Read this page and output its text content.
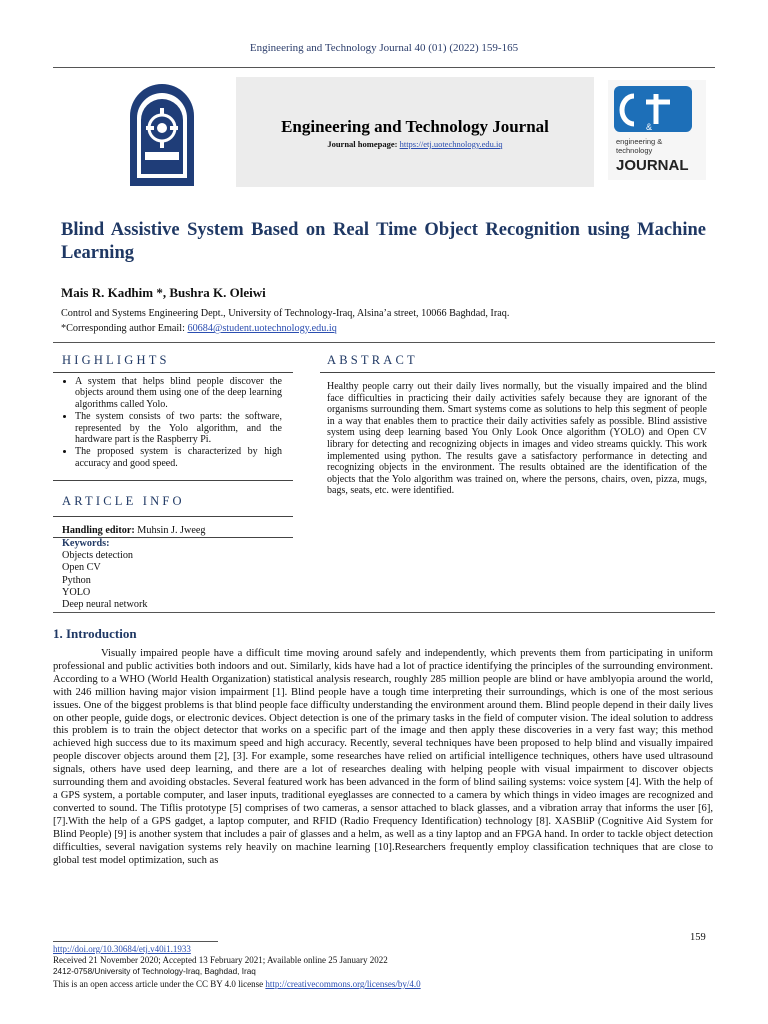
Engineering and Technology Journal 40 (01) (2022) 159-165
Engineering and Technology Journal
Journal homepage: https://etj.uotechnology.edu.iq
&
engineering &
technology
JOURNAL
Blind Assistive System Based on Real Time Object Recognition using Machine Learning
Mais R. Kadhim *, Bushra K. Oleiwi
Control and Systems Engineering Dept., University of Technology-Iraq, Alsina’a street, 10066 Baghdad, Iraq.
*Corresponding author Email: 60684@student.uotechnology.edu.iq
HIGHLIGHTS	ABSTRACT
• A system that helps blind people discover the objects around them using one of the deep learning algorithms called Yolo.
• The system consists of two parts: the software, represented by the Yolo algorithm, and the hardware part is the Raspberry Pi.
• The proposed system is characterized by high accuracy and good speed.
Healthy people carry out their daily lives normally, but the visually impaired and the blind face difficulties in practicing their daily activities safely because they are ignorant of the organisms surrounding them. Smart systems come as solutions to help this segment of people in a way that enables them to practice their daily activities safely as possible. Blind assistive system using deep learning based You Only Look Once algorithm (YOLO) and Open CV library for detecting and recognizing objects in images and video streams quickly. This work implemented using python. The results gave a satisfactory performance in detecting and recognizing objects in the environment. The results obtained are the identification of the objects that the Yolo algorithm was trained on, where the persons, chairs, oven, pizza, mugs, bags, seats, etc. were identified.
ARTICLE INFO
Handling editor: Muhsin J. Jweeg
Keywords:
Objects detection
Open CV
Python
YOLO
Deep neural network
1. Introduction
Visually impaired people have a difficult time moving around safely and independently, which prevents them from participating in uniform professional and public activities both indoors and out. Similarly, kids have had a lot of practice identifying the principles of the surrounding environment. According to a WHO (World Health Organization) statistical analysis research, roughly 285 million people are blind or have amblyopia around the world, with 246 million having major vision impairment [1]. Blind people have a tough time interpreting their surroundings, which is one of the most serious issues. One of the biggest problems is that blind people face difficulty understanding the environment around them. Blind people depend in their daily lives on other people, guide dogs, or electronic devices. Object detection is one of the primary tasks in the field of computer vision. The ideal solution to address this problem is to train the object detector that works on a specific part of the image and then apply these discoveries in a very fast way; this method achieved high success due to its maximum speed and high accuracy. Recently, several techniques have been proposed to help blind and visually impaired people discover objects around them [2], [3]. For example, some researches have relied on artificial intelligence techniques, others have used ultrasound signals, others have used deep learning, and there are a lot of researches dealing with helping people with visual impairment to discover objects surrounding them and avoiding obstacles. Several featured work has been advanced in the form of blind sailing systems: voice system [4]. With the help of a GPS system, a portable computer, and laser inputs, traditional eyeglasses are connected to a camera by which things in video images are recognized and converted to sound. The Tiflis prototype [5] comprises of two cameras, a sensor attached to black glasses, and a vibration array that informs the user [6], [7].With the help of a GPS gadget, a laptop computer, and RFID (Radio Frequency Identification) technology [8]. XASBliP (Cognitive Aid System for Blind People) [9] is another system that includes a pair of glasses and a helm, as well as a tiny laptop and an FPGA hand. In order to tackle object detection difficulties, several navigation systems rely heavily on machine learning [10].Researchers frequently employ classification techniques that are close to global test model optimization, such as
159
http://doi.org/10.30684/etj.v40i1.1933
Received 21 November 2020; Accepted 13 February 2021; Available online 25 January 2022
2412-0758/University of Technology-Iraq, Baghdad, Iraq
This is an open access article under the CC BY 4.0 license http://creativecommons.org/licenses/by/4.0
